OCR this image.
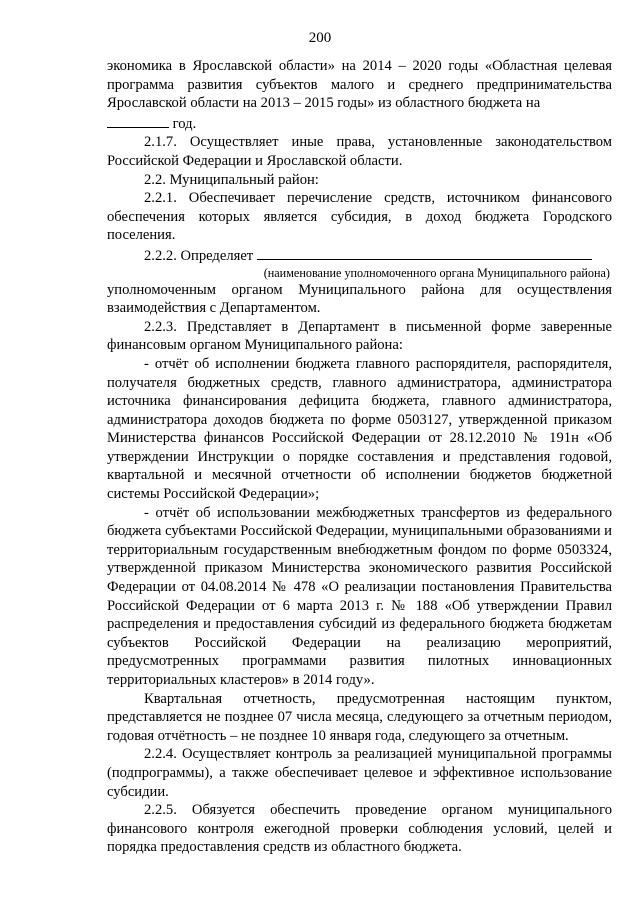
200

экономика в Ярославской области» на 2014 – 2020 годы «Областная целевая программа развития субъектов малого и среднего предпринимательства Ярославской области на 2013 – 2015 годы» из областного бюджета на
год.

2.1.7. Осуществляет иные права, установленные законодательством Российской Федерации и Ярославской области.

2.2. Муниципальный район:

2.2.1. Обеспечивает перечисление средств, источником финансового обеспечения которых является субсидия, в доход бюджета Городского поселения.

2.2.2. Определяет

(наименование уполномоченного органа Муниципального района)

уполномоченным органом Муниципального района для осуществления взаимодействия с Департаментом.

2.2.3. Представляет в Департамент в письменной форме заверенные финансовым органом Муниципального района:

- отчёт об исполнении бюджета главного распорядителя, распорядителя, получателя бюджетных средств, главного администратора, администратора источника финансирования дефицита бюджета, главного администратора, администратора доходов бюджета по форме 0503127, утвержденной приказом Министерства финансов Российской Федерации от 28.12.2010 № 191н «Об утверждении Инструкции о порядке составления и представления годовой, квартальной и месячной отчетности об исполнении бюджетов бюджетной системы Российской Федерации»;

- отчёт об использовании межбюджетных трансфертов из федерального бюджета субъектами Российской Федерации, муниципальными образованиями и территориальным государственным внебюджетным фондом по форме 0503324, утвержденной приказом Министерства экономического развития Российской Федерации от 04.08.2014 № 478 «О реализации постановления Правительства Российской Федерации от 6 марта 2013 г. № 188 «Об утверждении Правил распределения и предоставления субсидий из федерального бюджета бюджетам субъектов Российской Федерации на реализацию мероприятий, предусмотренных программами развития пилотных инновационных территориальных кластеров» в 2014 году».

Квартальная отчетность, предусмотренная настоящим пунктом, представляется не позднее 07 числа месяца, следующего за отчетным периодом, годовая отчётность – не позднее 10 января года, следующего за отчетным.

2.2.4. Осуществляет контроль за реализацией муниципальной программы (подпрограммы), а также обеспечивает целевое и эффективное использование субсидии.

2.2.5. Обязуется обеспечить проведение органом муниципального финансового контроля ежегодной проверки соблюдения условий, целей и порядка предоставления средств из областного бюджета.
